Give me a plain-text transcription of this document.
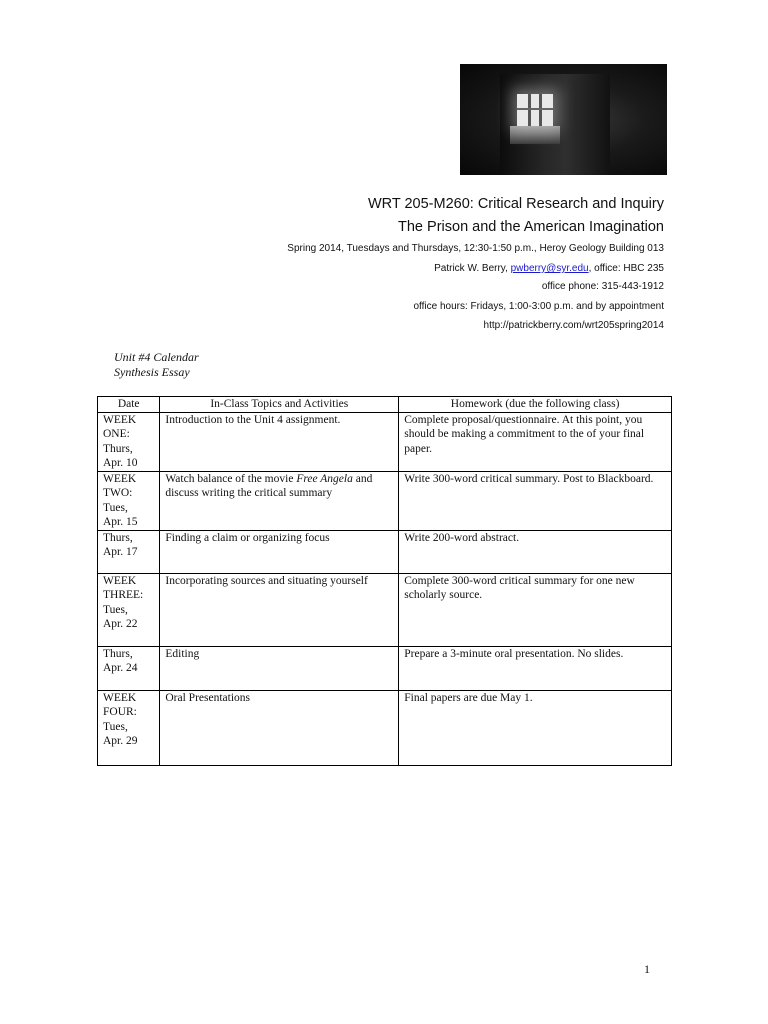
WRT 205-M260: Critical Research and Inquiry
The Prison and the American Imagination
Spring 2014, Tuesdays and Thursdays, 12:30-1:50 p.m., Heroy Geology Building 013
Patrick W. Berry, pwberry@syr.edu, office: HBC 235
office phone: 315-443-1912
office hours: Fridays, 1:00-3:00 p.m. and by appointment
http://patrickberry.com/wrt205spring2014
Unit #4 Calendar
Synthesis Essay
Date	In-Class Topics and Activities	Homework (due the following class)

WEEK
ONE:
Thurs,
Apr. 10	Introduction to the Unit 4 assignment.	Complete proposal/questionnaire. At this point, you should be making a commitment to the of your final paper.

WEEK
TWO:
Tues,
Apr. 15	Watch balance of the movie Free Angela and discuss writing the critical summary	Write 300-word critical summary. Post to Blackboard.

Thurs,
Apr. 17	Finding a claim or organizing focus	Write 200-word abstract.

WEEK
THREE:
Tues,
Apr. 22	Incorporating sources and situating yourself	Complete 300-word critical summary for one new scholarly source.

Thurs,
Apr. 24	Editing	Prepare a 3-minute oral presentation. No slides.

WEEK
FOUR:
Tues,
Apr. 29	Oral Presentations	Final papers are due May 1.
1
